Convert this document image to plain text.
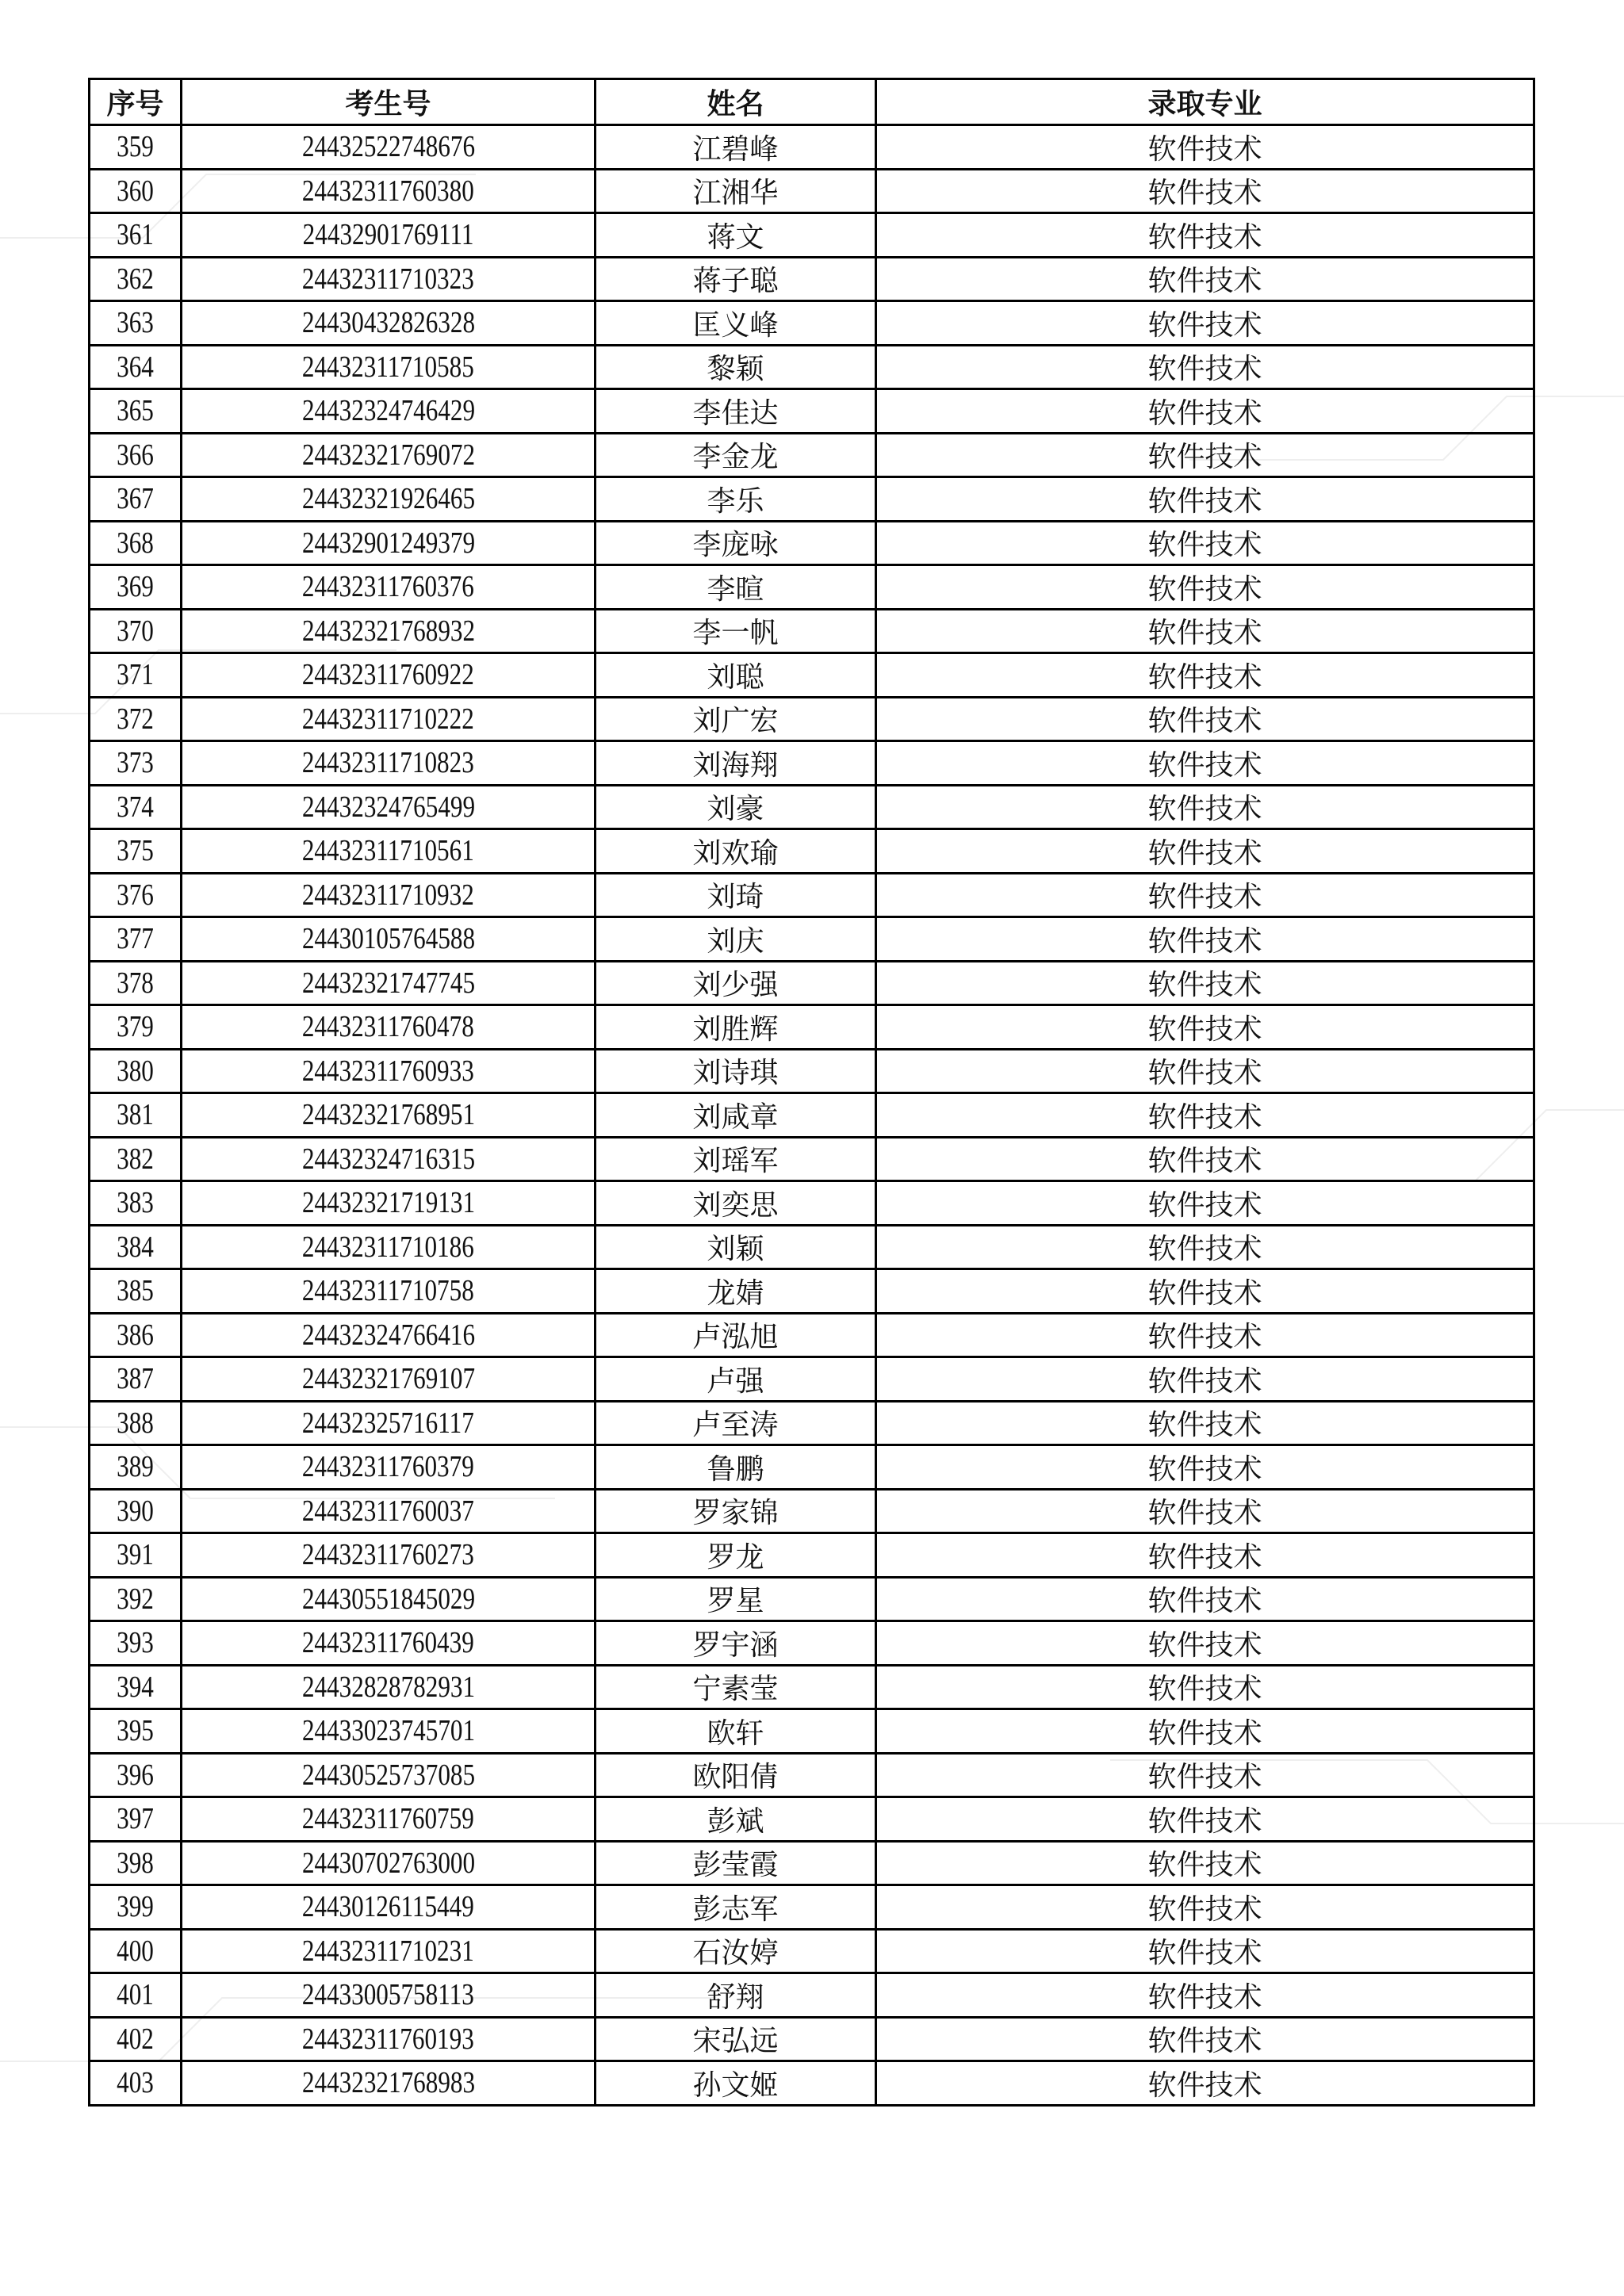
序号	考生号	姓名	录取专业
359	24432522748676	江碧峰	软件技术
360	24432311760380	江湘华	软件技术
361	24432901769111	蒋文	软件技术
362	24432311710323	蒋子聪	软件技术
363	24430432826328	匡义峰	软件技术
364	24432311710585	黎颖	软件技术
365	24432324746429	李佳达	软件技术
366	24432321769072	李金龙	软件技术
367	24432321926465	李乐	软件技术
368	24432901249379	李庞咏	软件技术
369	24432311760376	李暄	软件技术
370	24432321768932	李一帆	软件技术
371	24432311760922	刘聪	软件技术
372	24432311710222	刘广宏	软件技术
373	24432311710823	刘海翔	软件技术
374	24432324765499	刘豪	软件技术
375	24432311710561	刘欢瑜	软件技术
376	24432311710932	刘琦	软件技术
377	24430105764588	刘庆	软件技术
378	24432321747745	刘少强	软件技术
379	24432311760478	刘胜辉	软件技术
380	24432311760933	刘诗琪	软件技术
381	24432321768951	刘咸章	软件技术
382	24432324716315	刘瑶军	软件技术
383	24432321719131	刘奕思	软件技术
384	24432311710186	刘颖	软件技术
385	24432311710758	龙婧	软件技术
386	24432324766416	卢泓旭	软件技术
387	24432321769107	卢强	软件技术
388	24432325716117	卢至涛	软件技术
389	24432311760379	鲁鹏	软件技术
390	24432311760037	罗家锦	软件技术
391	24432311760273	罗龙	软件技术
392	24430551845029	罗星	软件技术
393	24432311760439	罗宇涵	软件技术
394	24432828782931	宁素莹	软件技术
395	24433023745701	欧轩	软件技术
396	24430525737085	欧阳倩	软件技术
397	24432311760759	彭斌	软件技术
398	24430702763000	彭莹霞	软件技术
399	24430126115449	彭志军	软件技术
400	24432311710231	石汝婷	软件技术
401	24433005758113	舒翔	软件技术
402	24432311760193	宋弘远	软件技术
403	24432321768983	孙文姬	软件技术
